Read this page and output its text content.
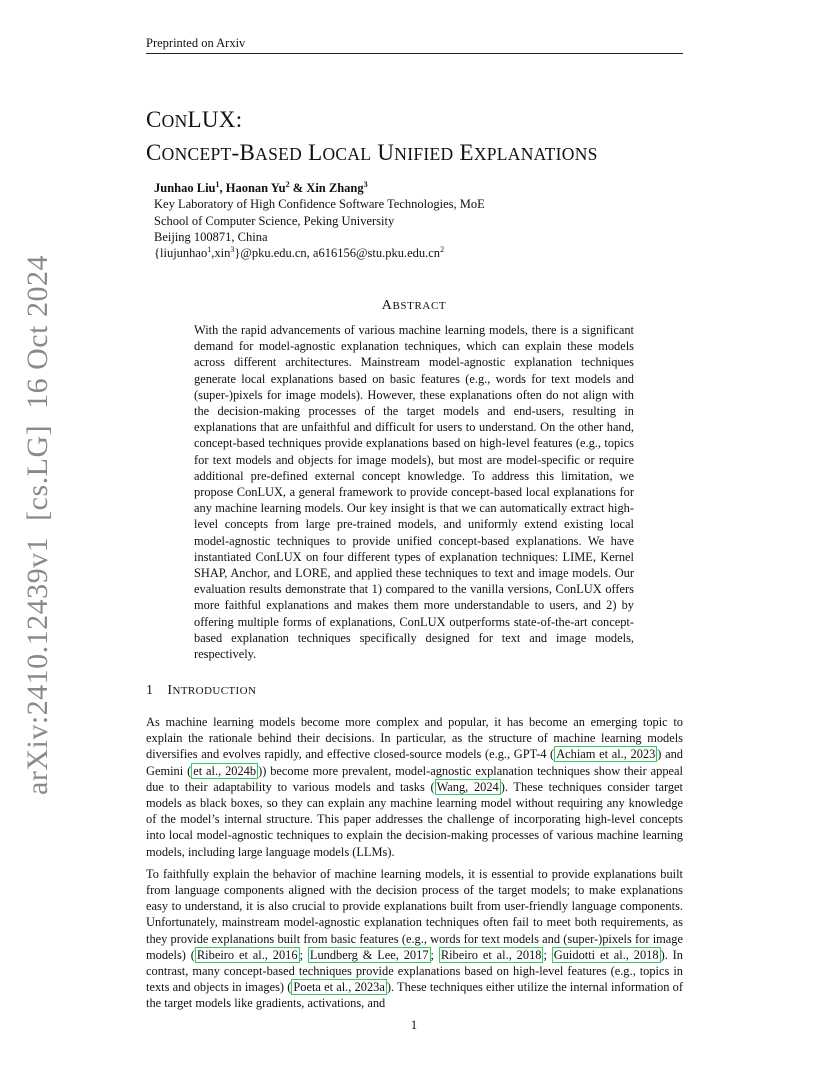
Preprinted on Arxiv
CONLUX:
CONCEPT-BASED LOCAL UNIFIED EXPLANATIONS
Junhao Liu$^1$, Haonan Yu$^2$ & Xin Zhang$^3$
Key Laboratory of High Confidence Software Technologies, MoE
School of Computer Science, Peking University
Beijing 100871, China
{liujunhao$^1$,xin$^3$}@pku.edu.cn, $a616156@stu.pku.edu.cn^2$
arXiv:2410.12439v1  [cs.LG]  16 Oct 2024	ABSTRACT
With the rapid advancements of various machine learning models, there is a significant demand for model-agnostic explanation techniques, which can explain these models across different architectures. Mainstream model-agnostic explanation techniques generate local explanations based on basic features (e.g., words for text models and (super-)pixels for image models). However, these explanations often do not align with the decision-making processes of the target models and end-users, resulting in explanations that are unfaithful and difficult for users to understand. On the other hand, concept-based techniques provide explanations based on high-level features (e.g., topics for text models and objects for image models), but most are model-specific or require additional pre-defined external concept knowledge. To address this limitation, we propose ConLUX, a general framework to provide concept-based local explanations for any machine learning models. Our key insight is that we can automatically extract high-level concepts from large pre-trained models, and uniformly extend existing local model-agnostic techniques to provide unified concept-based explanations. We have instantiated ConLUX on four different types of explanation techniques: LIME, Kernel SHAP, Anchor, and LORE, and applied these techniques to text and image models. Our evaluation results demonstrate that 1) compared to the vanilla versions, ConLUX offers more faithful explanations and makes them more understandable to users, and 2) by offering multiple forms of explanations, ConLUX outperforms state-of-the-art concept-based explanation techniques specifically designed for text and image models, respectively.
1 INTRODUCTION

As machine learning models become more complex and popular, it has become an emerging topic to explain the rationale behind their decisions. In particular, as the structure of machine learning models diversifies and evolves rapidly, and effective closed-source models (e.g., GPT-4 ( Achiam et al., 2023 ) and Gemini ( et al., 2024b )) become more prevalent, model-agnostic explanation techniques show their appeal due to their adaptability to various models and tasks ( Wang, 2024 ). These techniques consider target models as black boxes, so they can explain any machine learning model without requiring any knowledge of the model’s internal structure. This paper addresses the challenge of incorporating high-level concepts into local model-agnostic techniques to explain the decision-making processes of various machine learning models, including large language models (LLMs).

To faithfully explain the behavior of machine learning models, it is essential to provide explanations built from language components aligned with the decision process of the target models; to make explanations easy to understand, it is also crucial to provide explanations built from user-friendly language components. Unfortunately, mainstream model-agnostic explanation techniques often fail to meet both requirements, as they provide explanations built from basic features (e.g., words for text models and (super-)pixels for image models) ( Ribeiro et al., 2016 ; Lundberg & Lee, 2017 ; Ribeiro et al., 2018 ; Guidotti et al., 2018 ). In contrast, many concept-based techniques provide explanations based on high-level features (e.g., topics in texts and objects in images) ( Poeta et al., 2023a ). These techniques either utilize the internal information of the target models like gradients, activations, and

1
